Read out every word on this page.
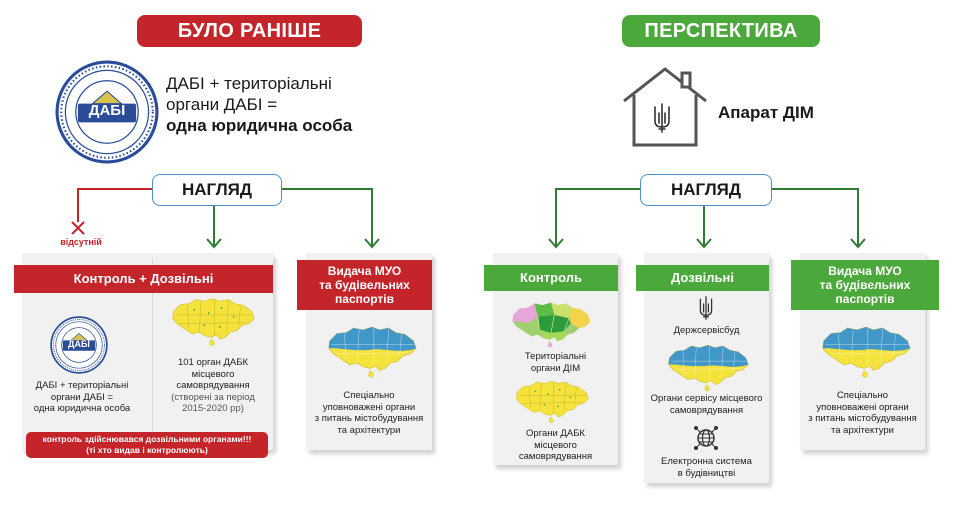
БУЛО РАНІШЕ
ДАБІ
ДАБІ + територіальні
органи ДАБІ =
одна юридична особа
НАГЛЯД
відсутній
Контроль + Дозвільні
ДАБІ
ДАБІ + територіальні
органи ДАБІ =
одна юридична особа
101 орган ДАБК
місцевого
самоврядування
(створені за період
2015-2020 рр)
Видача МУО
та будівельних
паспортів
Спеціально
уповноважені органи
з питань містобудування
та архітектури
контроль здійснювався дозвільними органами!!!
(ті хто видав і контролюють)
ПЕРСПЕКТИВА
Апарат ДІМ
НАГЛЯД
Контроль
Територіальні
органи ДІМ
Органи ДАБК
місцевого
самоврядування
Дозвільні
Держсервісбуд
Органи сервісу місцевого
самоврядування
Електронна система
в будівництві
Видача МУО
та будівельних
паспортів
Спеціально
уповноважені органи
з питань містобудування
та архітектури
